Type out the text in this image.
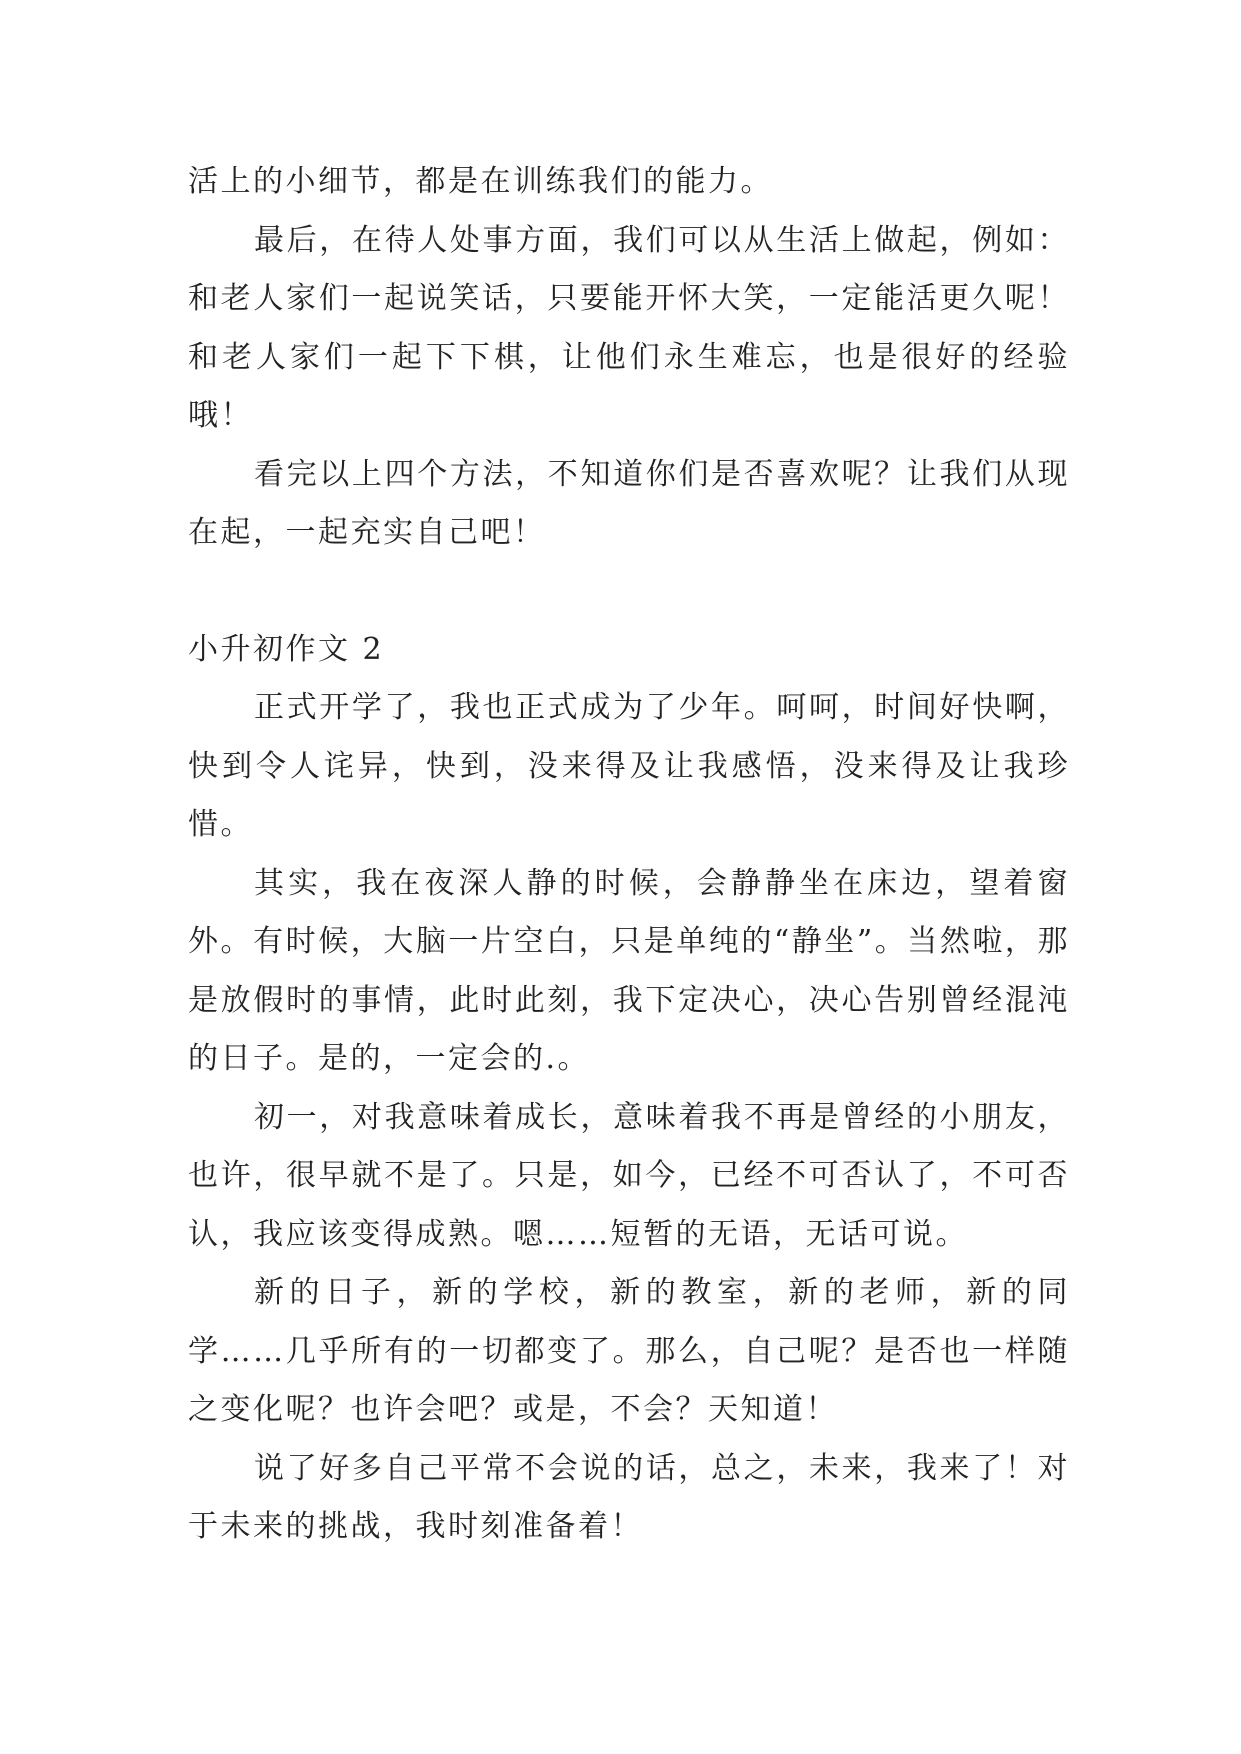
活上的小细节，都是在训练我们的能力。

最后，在待人处事方面，我们可以从生活上做起，例如：和老人家们一起说笑话，只要能开怀大笑，一定能活更久呢！和老人家们一起下下棋，让他们永生难忘，也是很好的经验哦！

看完以上四个方法，不知道你们是否喜欢呢？让我们从现在起，一起充实自己吧！

小升初作文 2

正式开学了，我也正式成为了少年。呵呵，时间好快啊，快到令人诧异，快到，没来得及让我感悟，没来得及让我珍惜。

其实，我在夜深人静的时候，会静静坐在床边，望着窗外。有时候，大脑一片空白，只是单纯的“静坐”。当然啦，那是放假时的事情，此时此刻，我下定决心，决心告别曾经混沌的日子。是的，一定会的.。

初一，对我意味着成长，意味着我不再是曾经的小朋友，也许，很早就不是了。只是，如今，已经不可否认了，不可否认，我应该变得成熟。嗯……短暂的无语，无话可说。

新的日子，新的学校，新的教室，新的老师，新的同学……几乎所有的一切都变了。那么，自己呢？是否也一样随之变化呢？也许会吧？或是，不会？天知道！

说了好多自己平常不会说的话，总之，未来，我来了！对于未来的挑战，我时刻准备着！
